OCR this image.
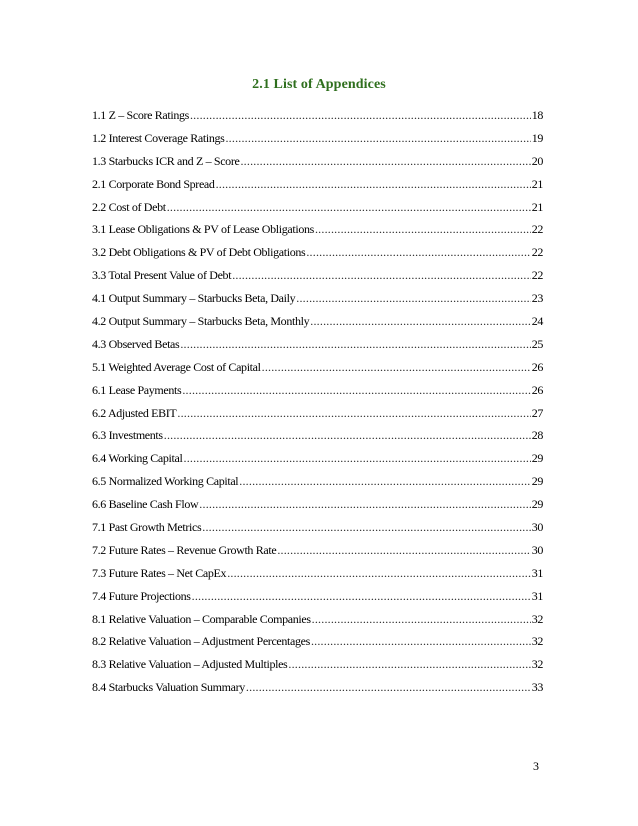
2.1 List of Appendices
1.1 Z – Score Ratings .....	18
1.2 Interest Coverage Ratings .....	19
1.3 Starbucks ICR and Z – Score .....	20
2.1 Corporate Bond Spread .....	21
2.2 Cost of Debt .....	21
3.1 Lease Obligations & PV of Lease Obligations .....	22
3.2 Debt Obligations & PV of Debt Obligations .....	22
3.3 Total Present Value of Debt .....	22
4.1 Output Summary – Starbucks Beta, Daily .....	23
4.2 Output Summary – Starbucks Beta, Monthly .....	24
4.3 Observed Betas .....	25
5.1 Weighted Average Cost of Capital .....	26
6.1 Lease Payments .....	26
6.2 Adjusted EBIT .....	27
6.3 Investments .....	28
6.4 Working Capital .....	29
6.5 Normalized Working Capital .....	29
6.6 Baseline Cash Flow .....	29
7.1 Past Growth Metrics .....	30
7.2 Future Rates – Revenue Growth Rate .....	30
7.3 Future Rates – Net CapEx .....	31
7.4 Future Projections .....	31
8.1 Relative Valuation – Comparable Companies .....	32
8.2 Relative Valuation – Adjustment Percentages .....	32
8.3 Relative Valuation – Adjusted Multiples .....	32
8.4 Starbucks Valuation Summary .....	33
3
